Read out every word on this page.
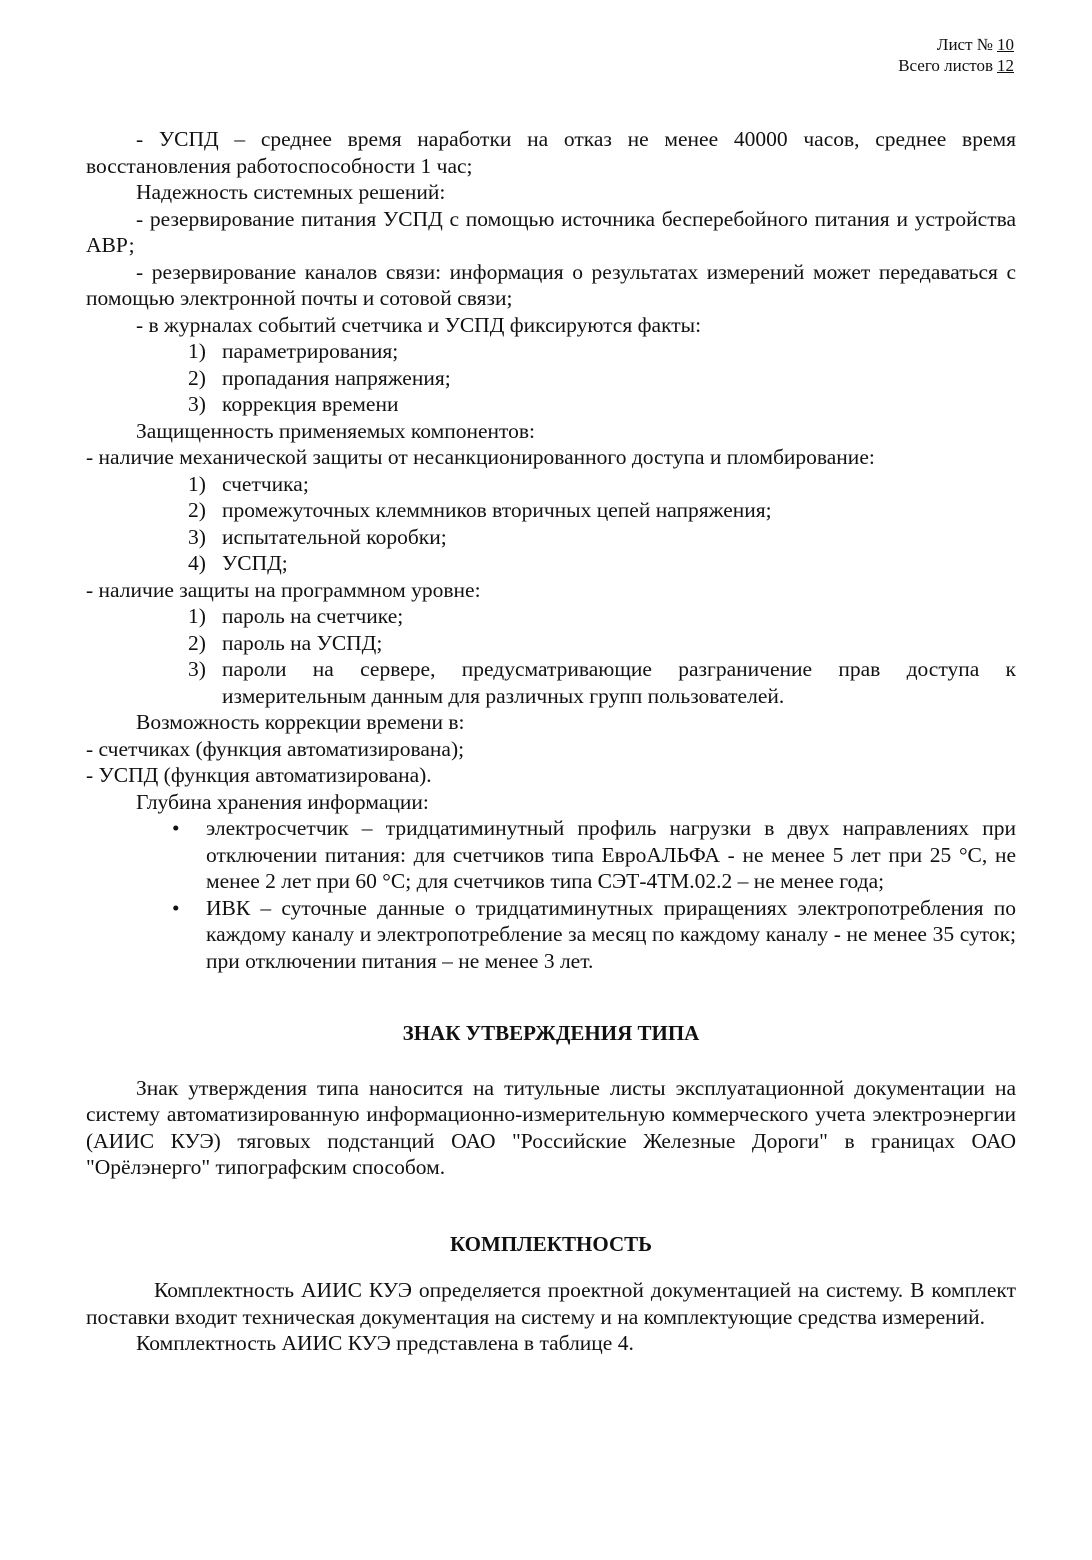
Лист № 10
Всего листов 12

- УСПД – среднее время наработки на отказ не менее 40000 часов, среднее время восстановления работоспособности 1 час;

Надежность системных решений:

- резервирование питания УСПД с помощью источника бесперебойного питания и устройства АВР;

- резервирование каналов связи: информация о результатах измерений может передаваться с помощью электронной почты и сотовой связи;

- в журналах событий счетчика и УСПД фиксируются факты:

1) параметрирования;
2) пропадания напряжения;
3) коррекция времени

Защищенность применяемых компонентов:

- наличие механической защиты от несанкционированного доступа и пломбирование:

1) счетчика;
2) промежуточных клеммников вторичных цепей напряжения;
3) испытательной коробки;
4) УСПД;

- наличие защиты на программном уровне:

1) пароль на счетчике;
2) пароль на УСПД;
3) пароли на сервере, предусматривающие разграничение прав доступа к измерительным данным для различных групп пользователей.

Возможность коррекции времени в:

- счетчиках (функция автоматизирована);

- УСПД (функция автоматизирована).

Глубина хранения информации:

• электросчетчик – тридцатиминутный профиль нагрузки в двух направлениях при отключении питания: для счетчиков типа ЕвроАЛЬФА - не менее 5 лет при 25 °С, не менее 2 лет при 60 °С; для счетчиков типа СЭТ-4ТМ.02.2 – не менее года;
• ИВК – суточные данные о тридцатиминутных приращениях электропотребления по каждому каналу и электропотребление за месяц по каждому каналу - не менее 35 суток; при отключении питания – не менее 3 лет.

ЗНАК УТВЕРЖДЕНИЯ ТИПА

Знак утверждения типа наносится на титульные листы эксплуатационной документации на систему автоматизированную информационно-измерительную коммерческого учета электроэнергии (АИИС КУЭ) тяговых подстанций ОАО "Российские Железные Дороги" в границах ОАО "Орёлэнерго" типографским способом.

КОМПЛЕКТНОСТЬ

Комплектность АИИС КУЭ определяется проектной документацией на систему. В комплект поставки входит техническая документация на систему и на комплектующие средства измерений.

Комплектность АИИС КУЭ представлена в таблице 4.
